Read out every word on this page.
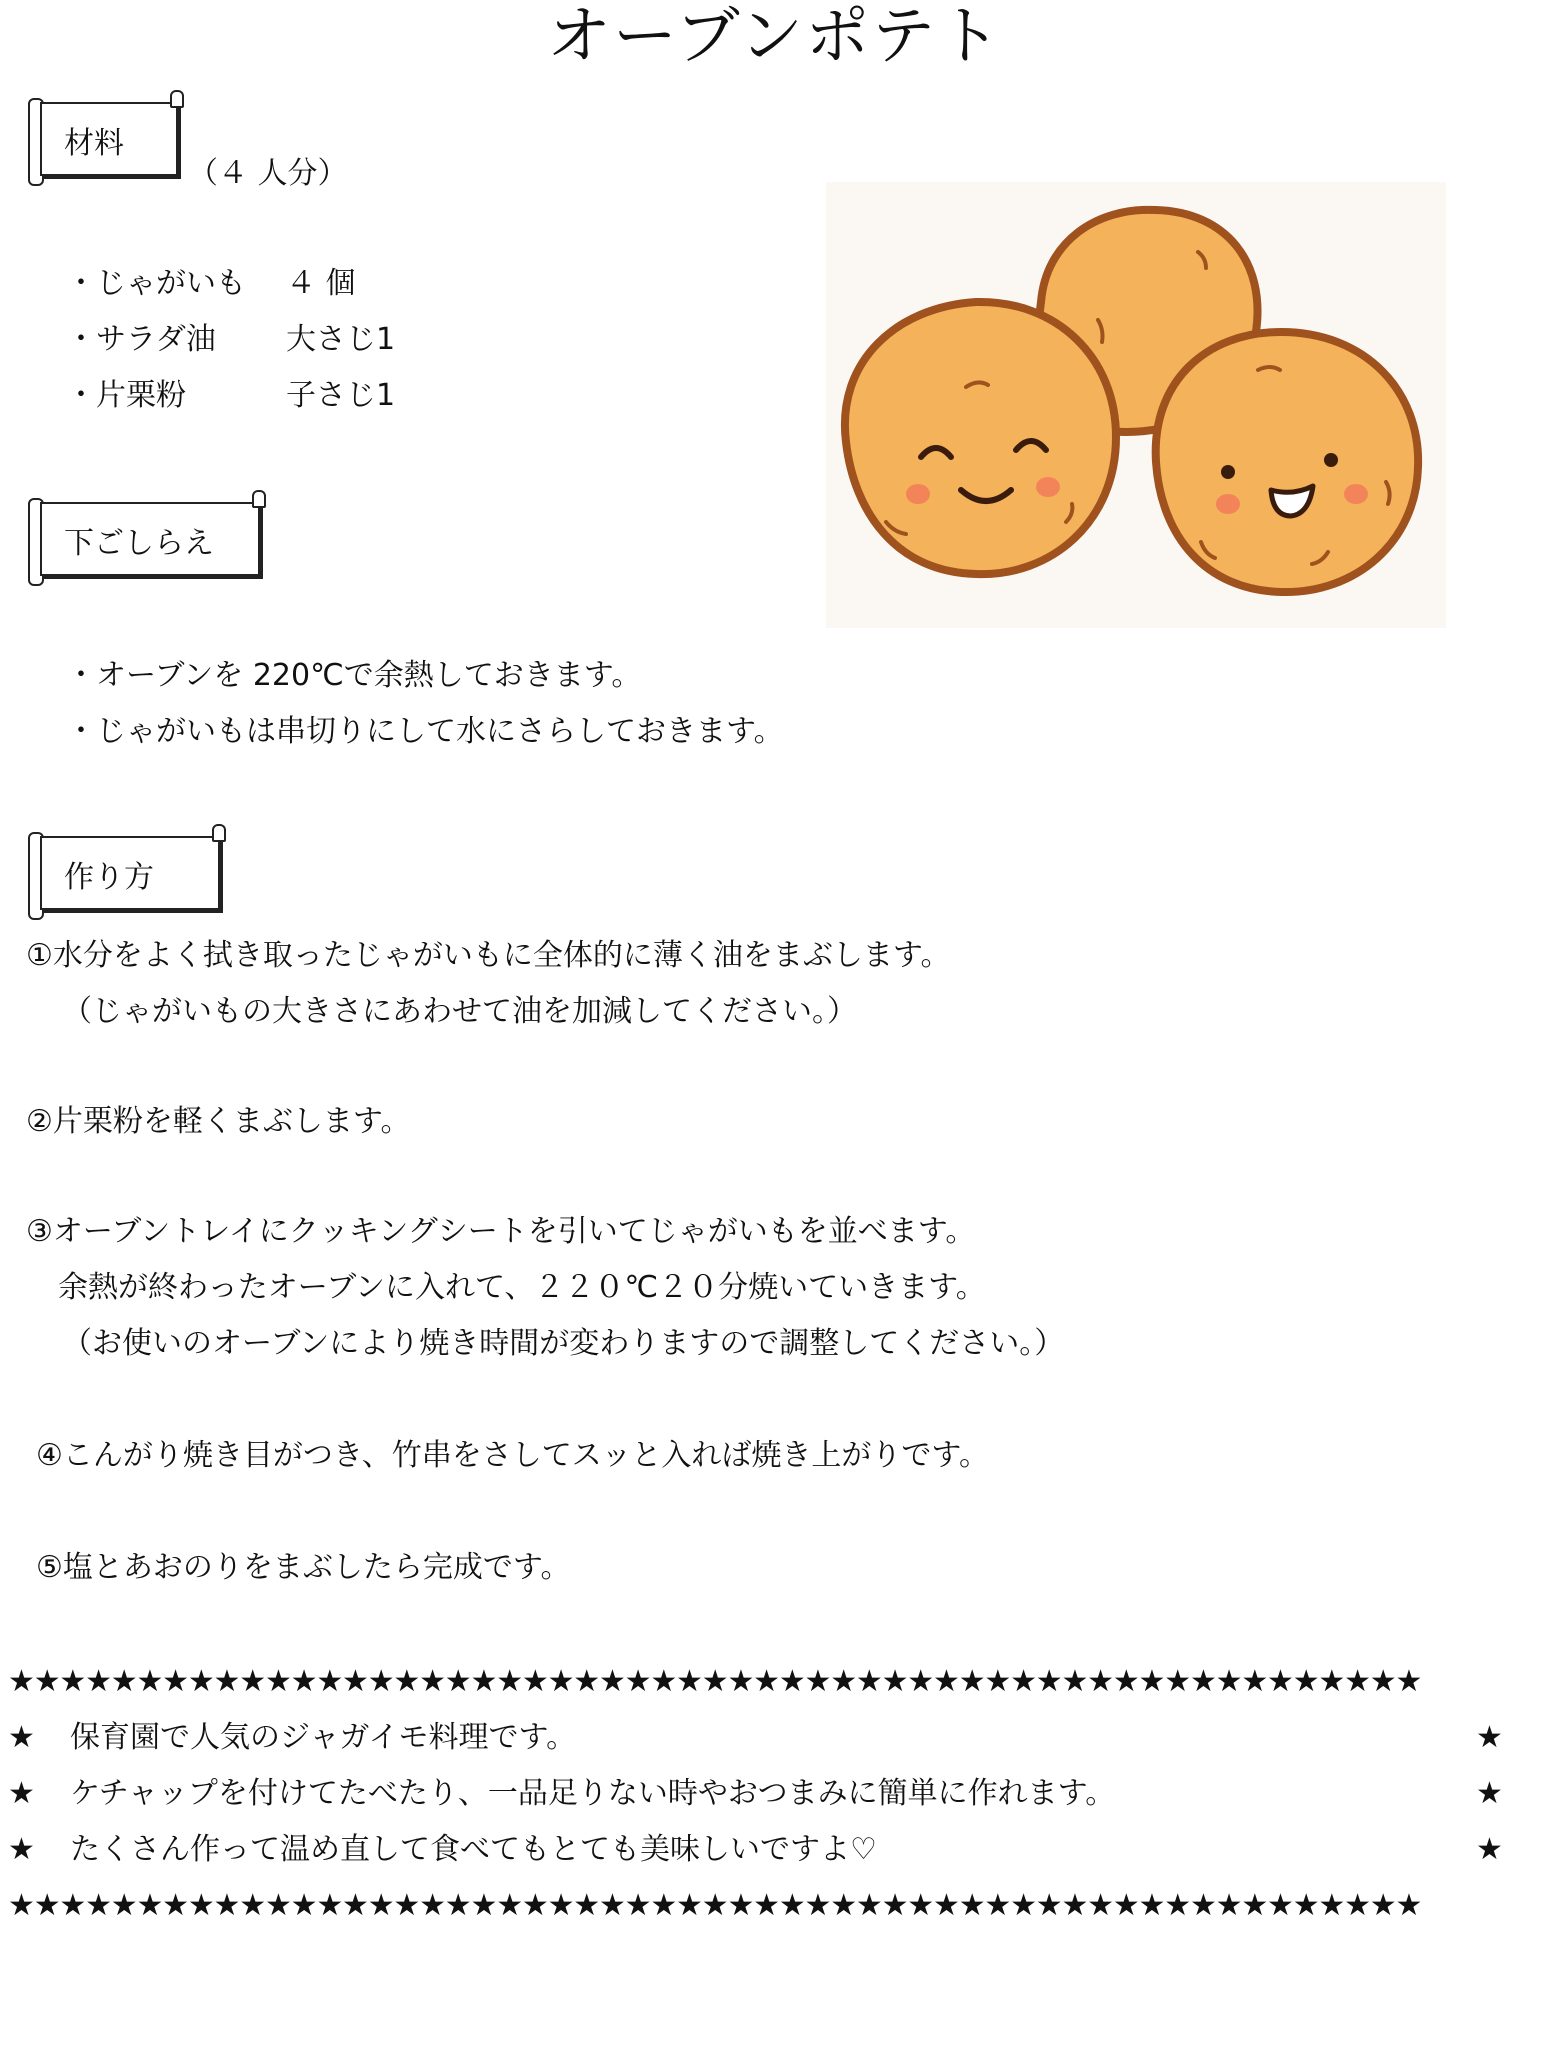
オーブンポテト
材料
（４ 人分）
・じゃがいも ４ 個
・サラダ油 大さじ1
・片栗粉	子さじ1
下ごしらえ
・オーブンを 220℃で余熱しておきます。
・じゃがいもは串切りにして水にさらしておきます。
作り方
①水分をよく拭き取ったじゃがいもに全体的に薄く油をまぶします。
（じゃがいもの大きさにあわせて油を加減してください。）
②片栗粉を軽くまぶします。
③オーブントレイにクッキングシートを引いてじゃがいもを並べます。
余熱が終わったオーブンに入れて、２２０℃２０分焼いていきます。
（お使いのオーブンにより焼き時間が変わりますので調整してください。）
④こんがり焼き目がつき、竹串をさしてスッと入れば焼き上がりです。
⑤塩とあおのりをまぶしたら完成です。
★★★★★★★★★★★★★★★★★★★★★★★★★★★★★★★★★★★★★★★★★★★★★★★★★★★★★★★
★ 保育園で人気のジャガイモ料理です。	★
★ ケチャップを付けてたべたり、一品足りない時やおつまみに簡単に作れます。	★
★ たくさん作って温め直して食べてもとても美味しいですよ♡	★
★★★★★★★★★★★★★★★★★★★★★★★★★★★★★★★★★★★★★★★★★★★★★★★★★★★★★★★
